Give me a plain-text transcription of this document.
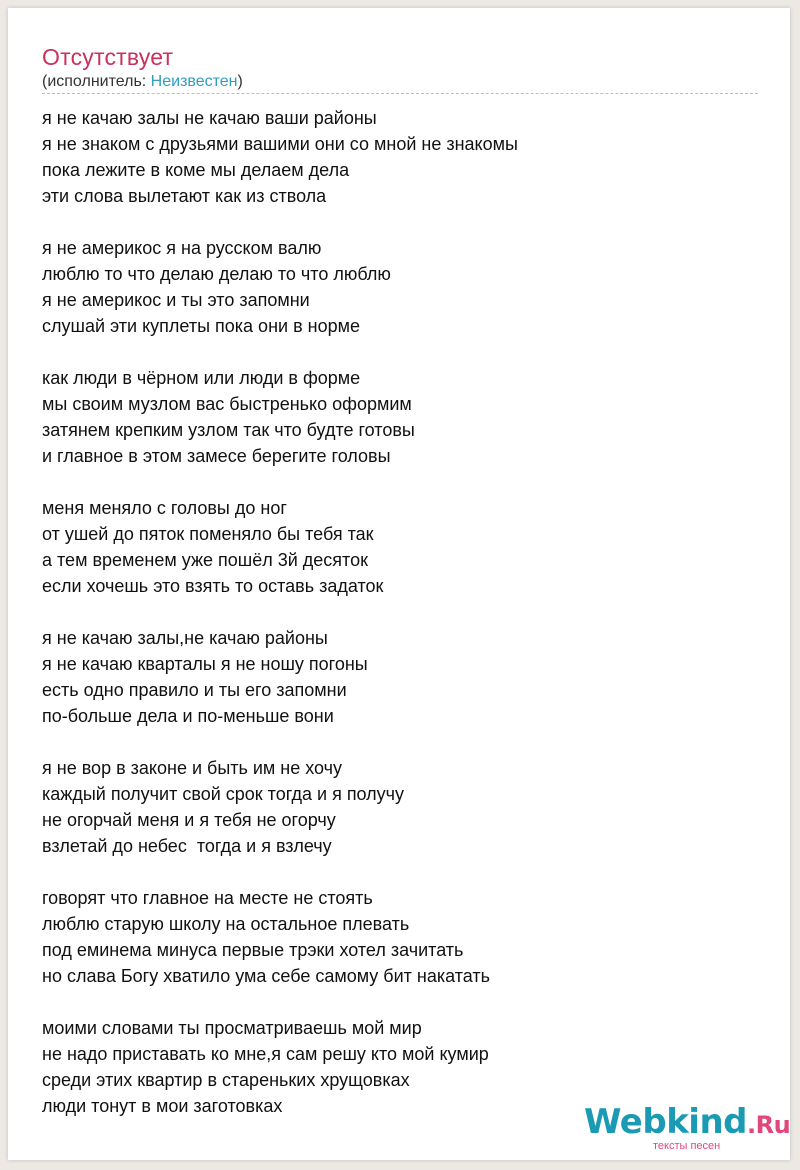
Отсутствует
(исполнитель: Неизвестен)
я не качаю залы не качаю ваши районы
я не знаком с друзьями вашими они со мной не знакомы
пока лежите в коме мы делаем дела
эти слова вылетают как из ствола
я не америкос я на русском валю
люблю то что делаю делаю то что люблю
я не америкос и ты это запомни
слушай эти куплеты пока они в норме
как люди в чёрном или люди в форме
мы своим музлом вас быстренько оформим
затянем крепким узлом так что будте готовы
и главное в этом замесе берегите головы
меня меняло с головы до ног
от ушей до пяток поменяло бы тебя так
а тем временем уже пошёл 3й десяток
если хочешь это взять то оставь задаток
я не качаю залы,не качаю районы
я не качаю кварталы я не ношу погоны
есть одно правило и ты его запомни
по-больше дела и по-меньше вони
я не вор в законе и быть им не хочу
каждый получит свой срок тогда и я получу
не огорчай меня и я тебя не огорчу
взлетай до небес  тогда и я взлечу
говорят что главное на месте не стоять
люблю старую школу на остальное плевать
под еминема минуса первые трэки хотел зачитать
но слава Богу хватило ума себе самому бит накатать
моими словами ты просматриваешь мой мир
не надо приставать ко мне,я сам решу кто мой кумир
среди этих квартир в стареньких хрущовках
люди тонут в мои заготовках	Webkind.Ru
тексты песен
